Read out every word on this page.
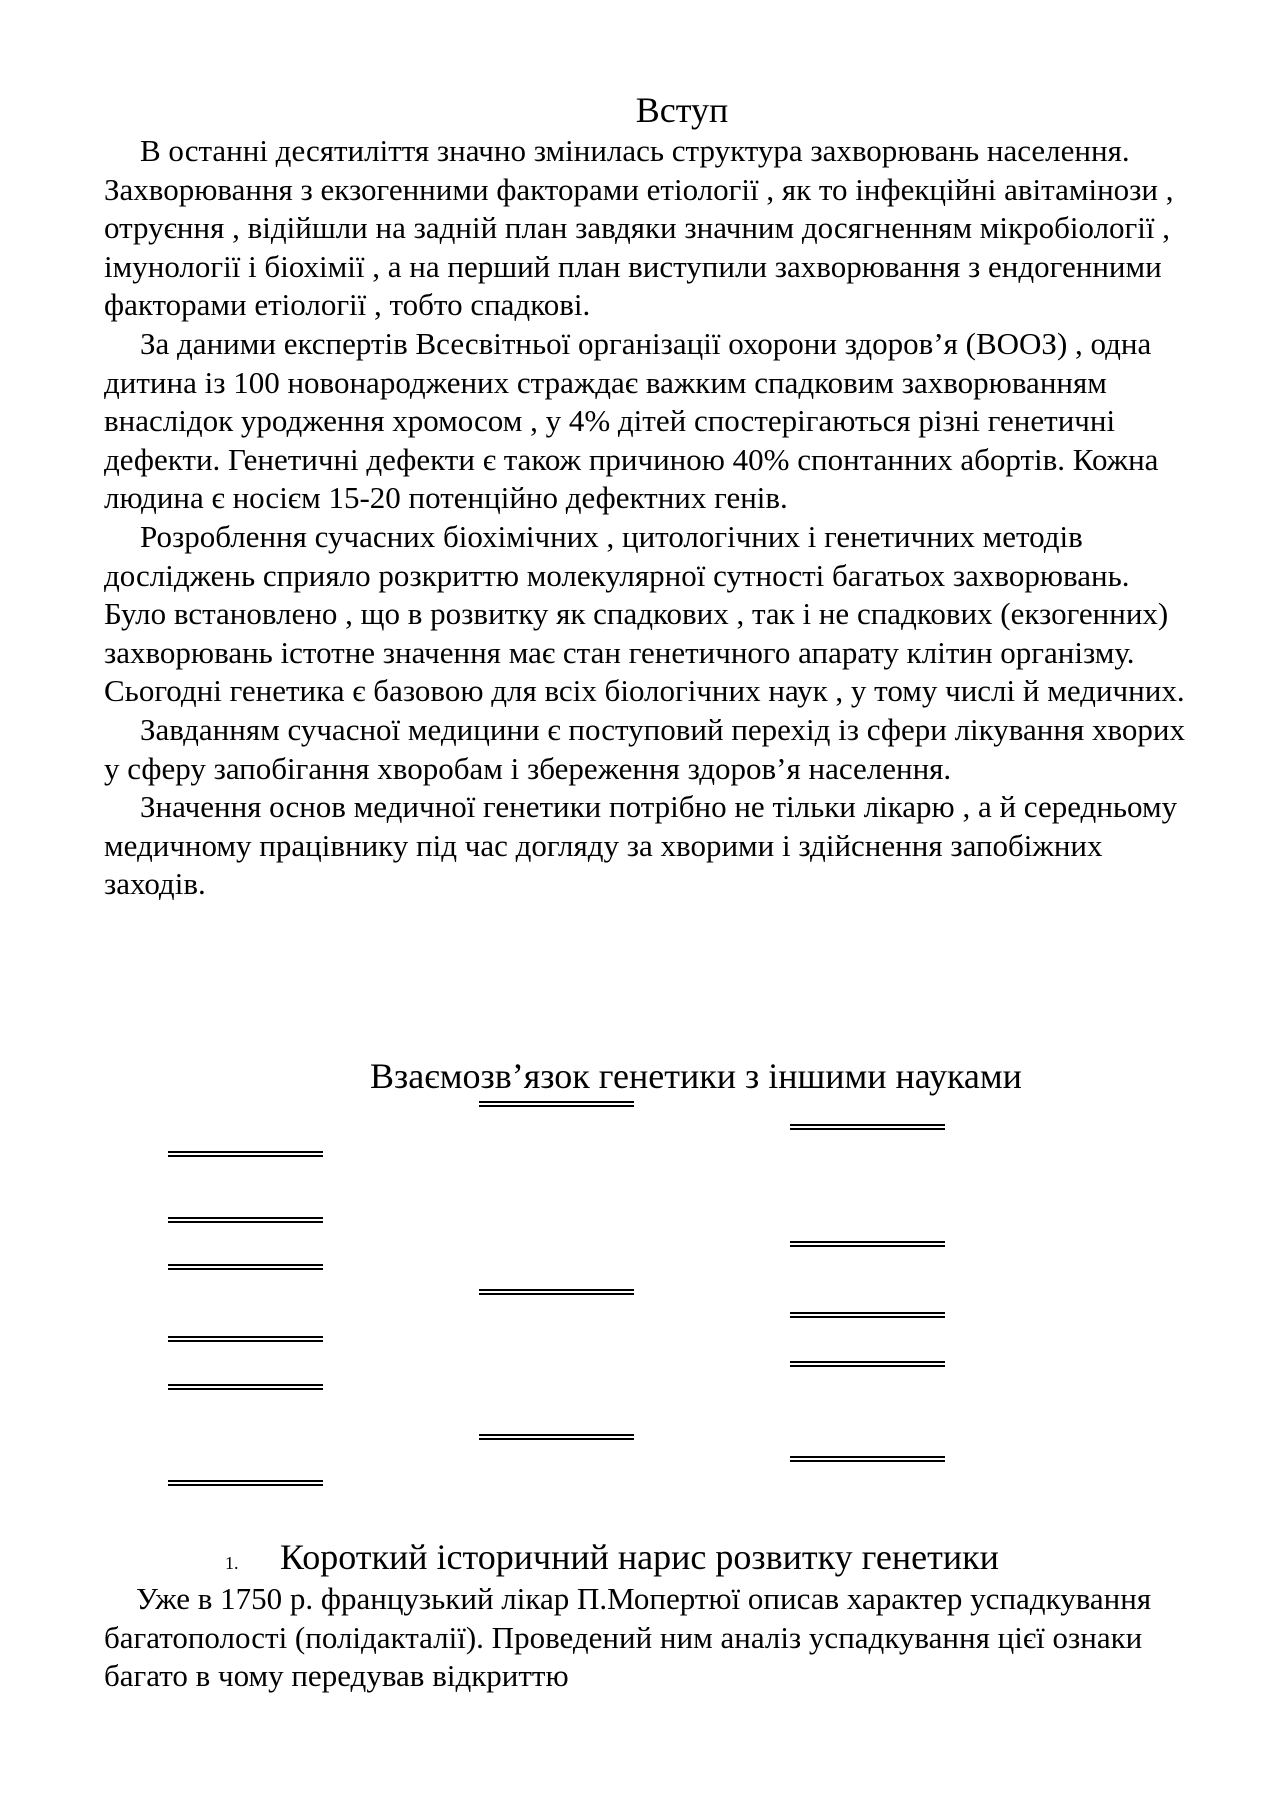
Вступ

В останні десятиліття значно змінилась структура захворювань населення. Захворювання з екзогенними факторами етіології , як то інфекційні авітамінози , отруєння , відійшли на задній план завдяки значним досягненням мікробіології , імунології і біохімії , а на перший план виступили захворювання з ендогенними факторами етіології , тобто спадкові.

За даними експертів Всесвітньої організації охорони здоров’я (ВООЗ) , одна дитина із 100 новонароджених страждає важким спадковим захворюванням внаслідок уродження хромосом , у 4% дітей спостерігаються різні генетичні дефекти. Генетичні дефекти є також причиною 40% спонтанних абортів. Кожна людина є носієм 15-20 потенційно дефектних генів.

Розроблення сучасних біохімічних , цитологічних і генетичних методів досліджень сприяло розкриттю молекулярної сутності багатьох захворювань. Було встановлено , що в розвитку як спадкових , так і не спадкових (екзогенних) захворювань істотне значення має стан генетичного апарату клітин організму. Сьогодні генетика є базовою для всіх біологічних наук , у тому числі й медичних.

Завданням сучасної медицини є поступовий перехід із сфери лікування хворих у сферу запобігання хворобам і збереження здоров’я населення.

Значення основ медичної генетики потрібно не тільки лікарю , а й середньому медичному працівнику під час догляду за хворими і здійснення запобіжних заходів.

Взаємозв’язок генетики з іншими науками
1. Короткий історичний нарис розвитку генетики

Уже в 1750 р. французький лікар П.Мопертюї описав характер успадкування багатополості (полідакталії). Проведений ним аналіз успадкування цієї ознаки багато в чому передував відкриттю
